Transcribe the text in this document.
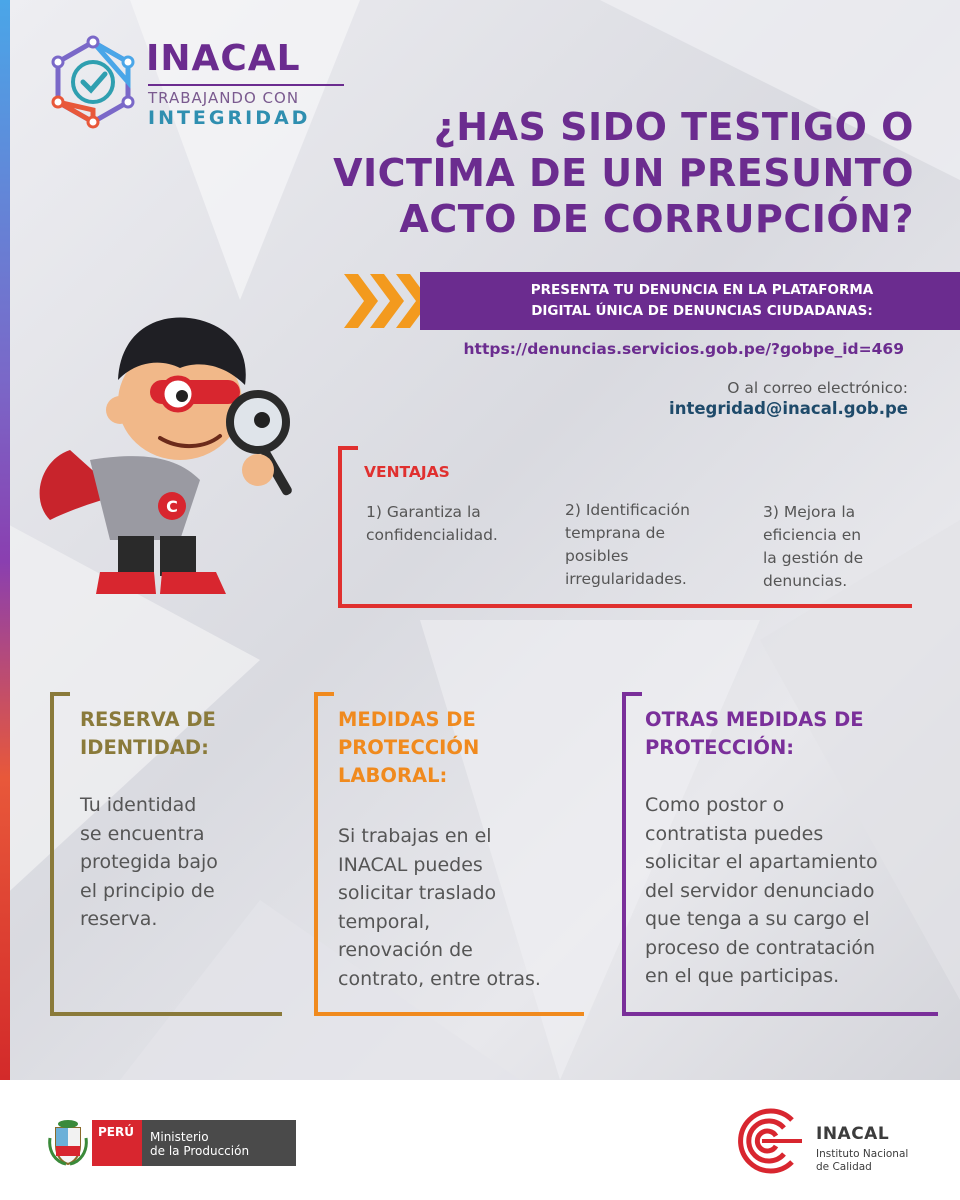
INACAL
TRABAJANDO CON
INTEGRIDAD	¿HAS SIDO TESTIGO O
VICTIMA DE UN PRESUNTO
ACTO DE CORRUPCIÓN?
PRESENTA TU DENUNCIA EN LA PLATAFORMA
DIGITAL ÚNICA DE DENUNCIAS CIUDADANAS:
https://denuncias.servicios.gob.pe/?gobpe_id=469
O al correo electrónico:
integridad@inacal.gob.pe
C
VENTAJAS
1) Garantiza la
confidencialidad.
2) Identificación
temprana de
posibles
irregularidades.
3) Mejora la
eficiencia en
la gestión de
denuncias.
RESERVA DE
IDENTIDAD:
Tu identidad
se encuentra
protegida bajo
el principio de
reserva.
MEDIDAS DE
PROTECCIÓN
LABORAL:
Si trabajas en el
INACAL puedes
solicitar traslado
temporal,
renovación de
contrato, entre otras.
OTRAS MEDIDAS DE
PROTECCIÓN:
Como postor o
contratista puedes
solicitar el apartamiento
del servidor denunciado
que tenga a su cargo el
proceso de contratación
en el que participas.
PERÚ	Ministerio
de la Producción
INACAL
Instituto Nacional
de Calidad
